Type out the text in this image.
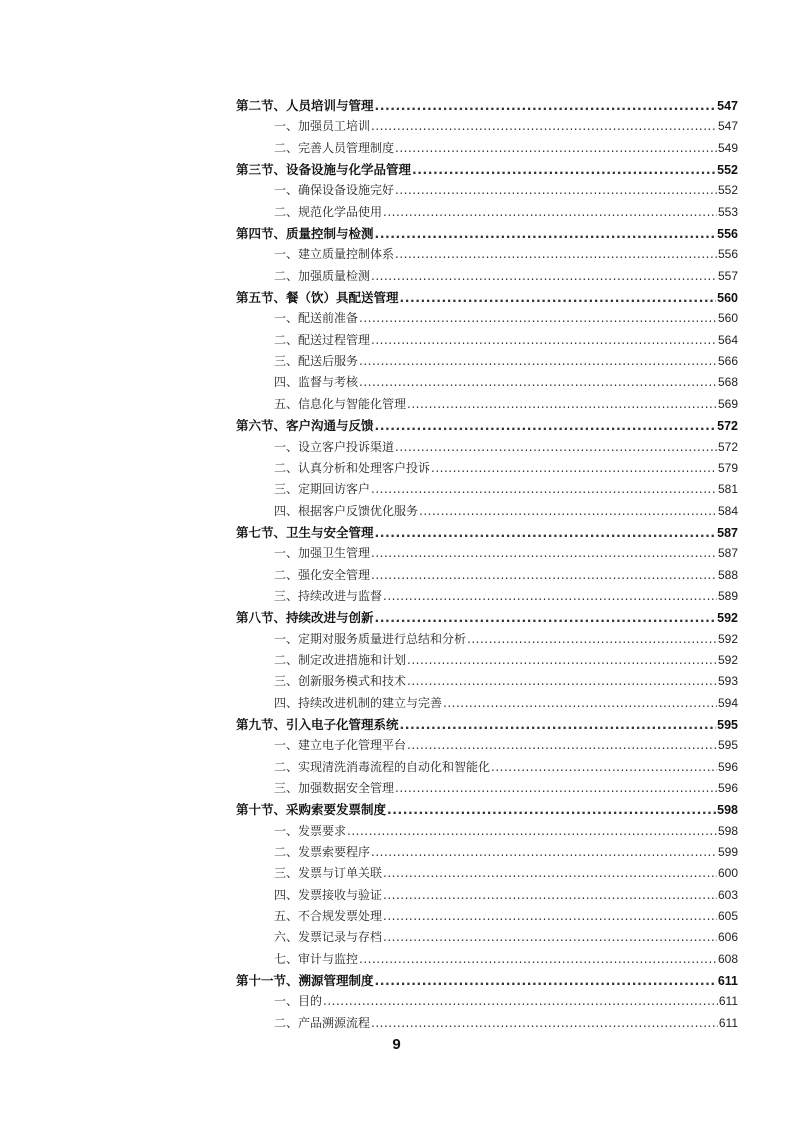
第二节、人员培训与管理 .....	547
一、加强员工培训 .....	547
二、完善人员管理制度 .....	549
第三节、设备设施与化学品管理 .....	552
一、确保设备设施完好 .....	552
二、规范化学品使用 .....	553
第四节、质量控制与检测 .....	556
一、建立质量控制体系 .....	556
二、加强质量检测 .....	557
第五节、餐（饮）具配送管理 .....	560
一、配送前准备 .....	560
二、配送过程管理 .....	564
三、配送后服务 .....	566
四、监督与考核 .....	568
五、信息化与智能化管理 .....	569
第六节、客户沟通与反馈 .....	572
一、设立客户投诉渠道 .....	572
二、认真分析和处理客户投诉 .....	579
三、定期回访客户 .....	581
四、根据客户反馈优化服务 .....	584
第七节、卫生与安全管理 .....	587
一、加强卫生管理 .....	587
二、强化安全管理 .....	588
三、持续改进与监督 .....	589
第八节、持续改进与创新 .....	592
一、定期对服务质量进行总结和分析 .....	592
二、制定改进措施和计划 .....	592
三、创新服务模式和技术 .....	593
四、持续改进机制的建立与完善 .....	594
第九节、引入电子化管理系统 .....	595
一、建立电子化管理平台 .....	595
二、实现清洗消毒流程的自动化和智能化 .....	596
三、加强数据安全管理 .....	596
第十节、采购索要发票制度 .....	598
一、发票要求 .....	598
二、发票索要程序 .....	599
三、发票与订单关联 .....	600
四、发票接收与验证 .....	603
五、不合规发票处理 .....	605
六、发票记录与存档 .....	606
七、审计与监控 .....	608
第十一节、溯源管理制度 .....	611
一、目的 .....	611
二、产品溯源流程 .....	611
9
